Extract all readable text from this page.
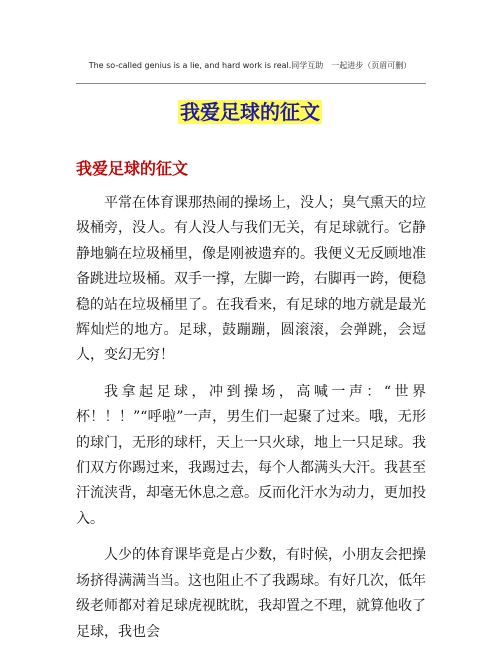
The so-called genius is a lie, and hard work is real.同学互助　一起进步（页眉可删）
我爱足球的征文
我爱足球的征文

平常在体育课那热闹的操场上，没人；臭气熏天的垃圾桶旁，没人。有人没人与我们无关，有足球就行。它静静地躺在垃圾桶里，像是刚被遗弃的。我便义无反顾地准备跳进垃圾桶。双手一撑，左脚一跨，右脚再一跨，便稳稳的站在垃圾桶里了。在我看来，有足球的地方就是最光辉灿烂的地方。足球，鼓蹦蹦，圆滚滚，会弹跳，会逗人，变幻无穷！

我拿起足球，冲到操场，高喊一声：“世界杯！！！”“呼啦”一声，男生们一起聚了过来。哦，无形的球门，无形的球杆，天上一只火球，地上一只足球。我们双方你踢过来，我踢过去，每个人都满头大汗。我甚至汗流浃背，却毫无休息之意。反而化汗水为动力，更加投入。

人少的体育课毕竟是占少数，有时候，小朋友会把操场挤得满满当当。这也阻止不了我踢球。有好几次，低年级老师都对着足球虎视眈眈，我却置之不理，就算他收了足球，我也会
